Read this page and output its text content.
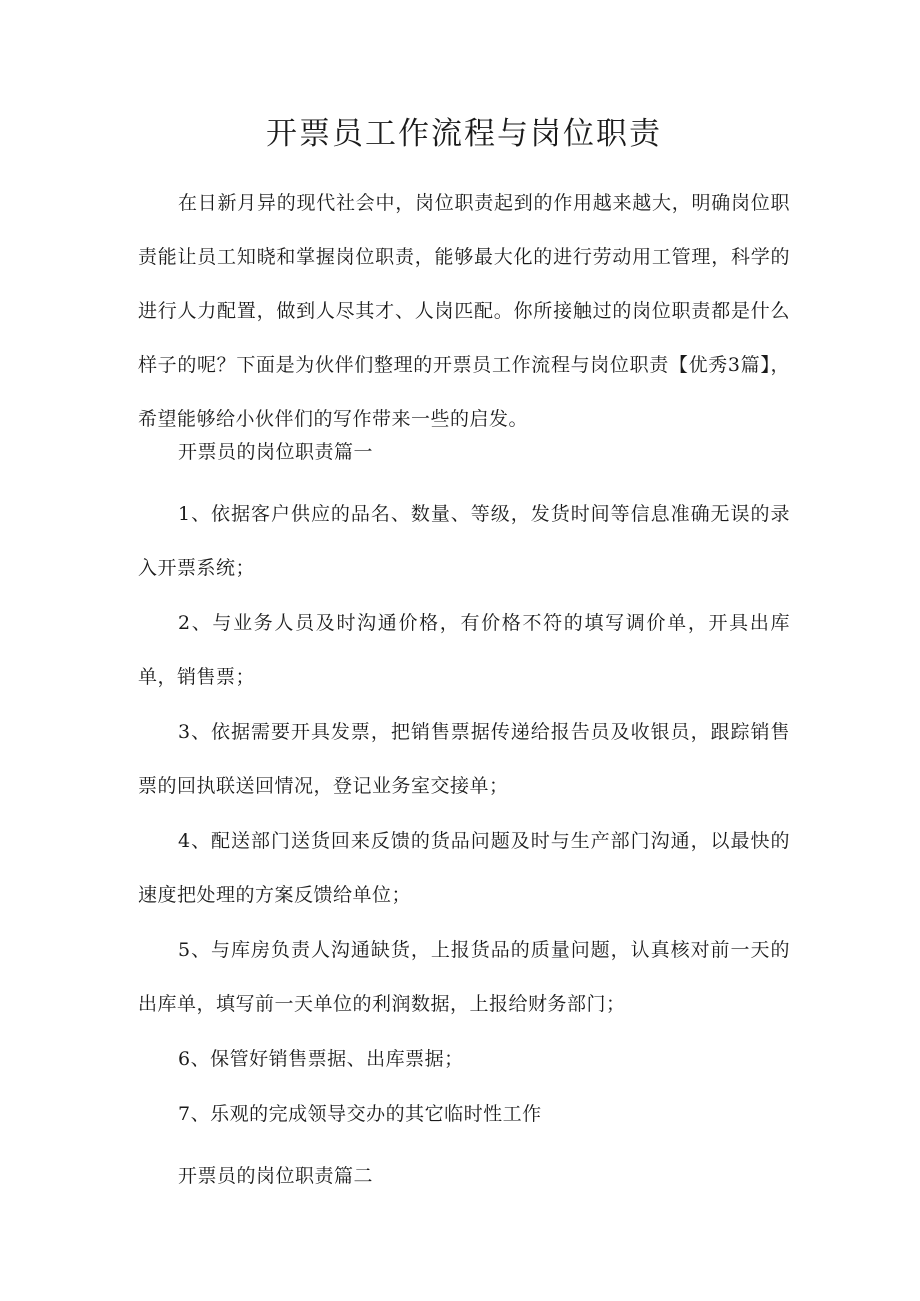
开票员工作流程与岗位职责

在日新月异的现代社会中，岗位职责起到的作用越来越大，明确岗位职责能让员工知晓和掌握岗位职责，能够最大化的进行劳动用工管理，科学的进行人力配置，做到人尽其才、人岗匹配。你所接触过的岗位职责都是什么样子的呢？下面是为伙伴们整理的开票员工作流程与岗位职责【优秀3篇】，希望能够给小伙伴们的写作带来一些的启发。

开票员的岗位职责篇一

1、依据客户供应的品名、数量、等级，发货时间等信息准确无误的录入开票系统；

2、与业务人员及时沟通价格，有价格不符的填写调价单，开具出库单，销售票；

3、依据需要开具发票，把销售票据传递给报告员及收银员，跟踪销售票的回执联送回情况，登记业务室交接单；

4、配送部门送货回来反馈的货品问题及时与生产部门沟通，以最快的速度把处理的方案反馈给单位；

5、与库房负责人沟通缺货，上报货品的质量问题，认真核对前一天的出库单，填写前一天单位的利润数据，上报给财务部门；

6、保管好销售票据、出库票据；

7、乐观的完成领导交办的其它临时性工作

开票员的岗位职责篇二
